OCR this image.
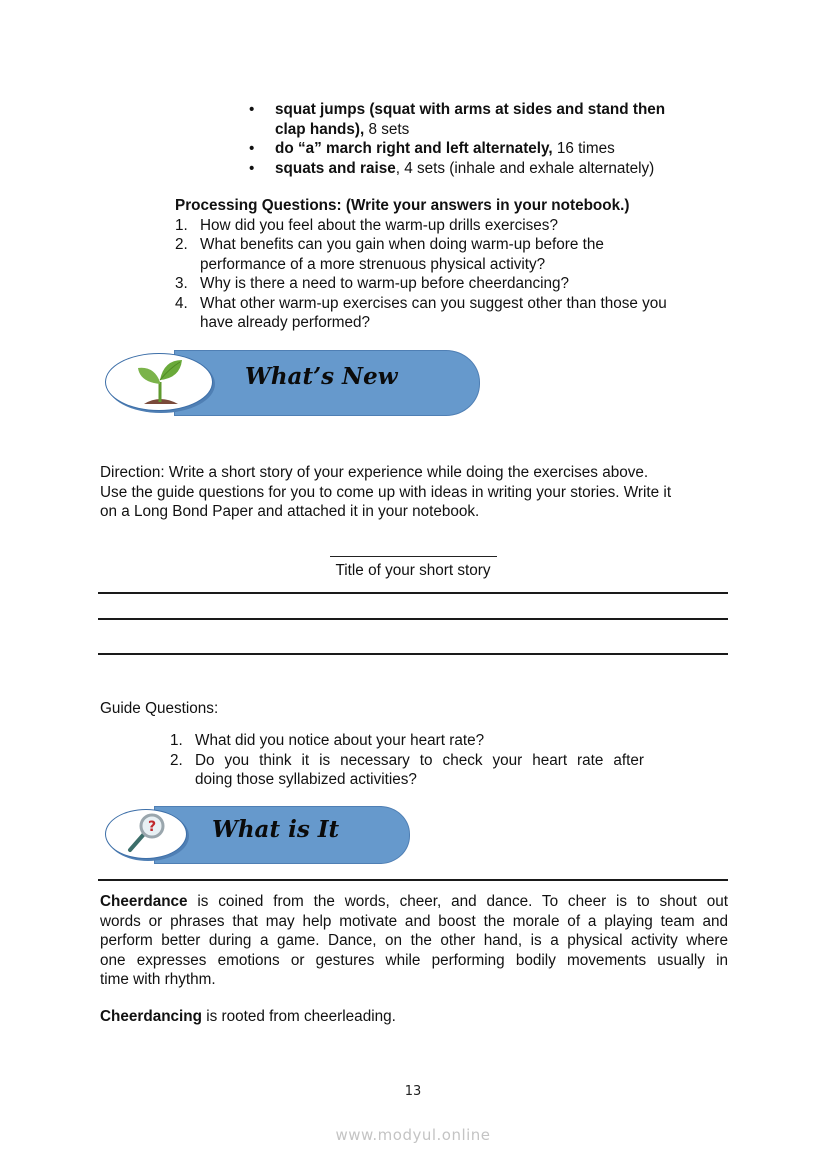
• squat jumps (squat with arms at sides and stand then
clap hands), 8 sets
• do “a” march right and left alternately, 16 times
• squats and raise, 4 sets (inhale and exhale alternately)
Processing Questions: (Write your answers in your notebook.)
1. How did you feel about the warm-up drills exercises?
2. What benefits can you gain when doing warm-up before the
performance of a more strenuous physical activity?
3. Why is there a need to warm-up before cheerdancing?
4. What other warm-up exercises can you suggest other than those you
have already performed?
What’s New
Direction: Write a short story of your experience while doing the exercises above.
Use the guide questions for you to come up with ideas in writing your stories. Write it
on a Long Bond Paper and attached it in your notebook.
Title of your short story
Guide Questions:
1. What did you notice about your heart rate?
2. Do you think it is necessary to check your heart rate after
doing those syllabized activities?
? What is It
Cheerdance is coined from the words, cheer, and dance. To cheer is to shout out
words or phrases that may help motivate and boost the morale of a playing team and
perform better during a game. Dance, on the other hand, is a physical activity where
one expresses emotions or gestures while performing bodily movements usually in
time with rhythm.
Cheerdancing is rooted from cheerleading.
13
www.modyul.online
